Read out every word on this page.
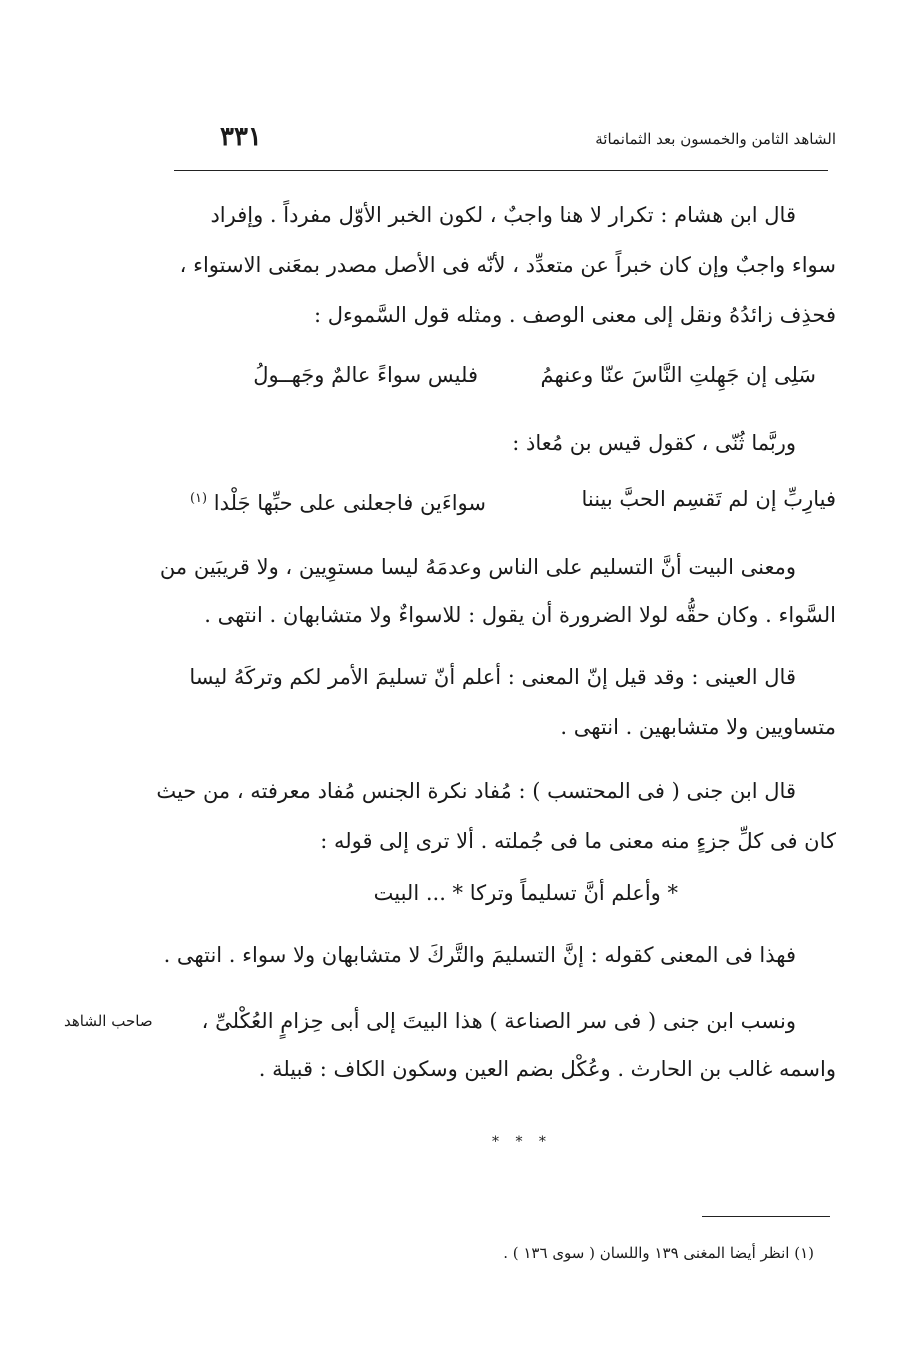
الشاهد الثامن والخمسون بعد الثمانمائة
٣٣١
قال ابن هشام : تكرار لا هنا واجبٌ ، لكون الخبر الأوّل مفرداً . وإفراد
سواء واجبٌ وإن كان خبراً عن متعدِّد ، لأنّه فى الأصل مصدر بمعَنى الاستواء ،
فحذِف زائدُهُ ونقل إلى معنى الوصف . ومثله قول السَّموءل :
سَلِى إن جَهِلتِ النَّاسَ عنّا وعنهمُ
فليس سواءً عالمٌ وجَهــولُ
وربَّما ثُنّى ، كقول قيس بن مُعاذ :
فيارِبِّ إن لم تَقسِم الحبَّ بيننا
سواءَين فاجعلنى على حبِّها جَلْدا $^{(١)}$
ومعنى البيت أنَّ التسليم على الناس وعدمَهُ ليسا مستوِيين ، ولا قريبَين من
السَّواء . وكان حقُّه لولا الضرورة أن يقول : للاسواءٌ ولا متشابهان . انتهى .
قال العينى : وقد قيل إنّ المعنى : أعلم أنّ تسليمَ الأمر لكم وتركَهُ ليسا
متساويين ولا متشابهين . انتهى .
قال ابن جنى ( فى المحتسب ) : مُفاد نكرة الجنس مُفاد معرفته ، من حيث
كان فى كلِّ جزءٍ منه معنى ما فى جُملته . ألا ترى إلى قوله :
* وأعلم أنَّ تسليماً وتركا * ... البيت
فهذا فى المعنى كقوله : إنَّ التسليمَ والتَّركَ لا متشابهان ولا سواء . انتهى .
ونسب ابن جنى ( فى سر الصناعة ) هذا البيتَ إلى أبى حِزامٍ العُكْلىِّ ،
صاحب الشاهد
واسمه غالب بن الحارث . وعُكْل بضم العين وسكون الكاف : قبيلة .
* * *
(١) انظر أيضا المغنى ١٣٩ واللسان ( سوى ١٣٦ ) .
